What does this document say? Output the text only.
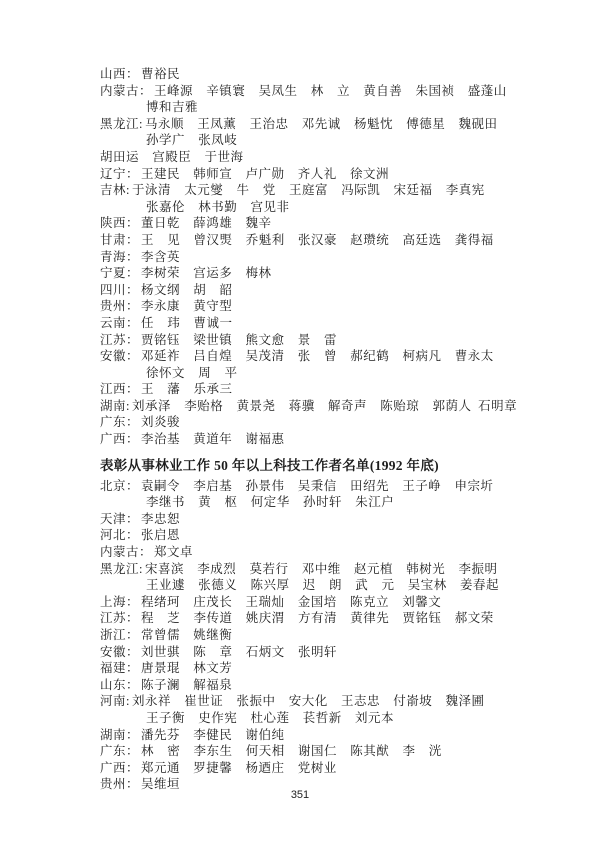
山西： 曹裕民
内蒙古： 王峰源  辛镇寰  吴凤生  林  立  黄自善  朱国祯  盛蓬山
博和吉雅
黑龙江: 马永顺  王凤薰  王治忠  邓先诚  杨魁忱  傅德星  魏砚田
孙学广  张凤岐
胡田运  宫殿臣  于世海
辽宁： 王建民  韩师宣  卢广勋  齐人礼  徐文洲
吉林: 于泳清  太元燮  牛  党  王庭富  冯际凯  宋廷福  李真宪
张嘉伦  林书勤  宫见非
陕西： 董日乾  薛鸿雄  魏辛
甘肃： 王  见  曾汉煚  乔魁利  张汉豪  赵瓒统  高廷选  龚得福
青海： 李含英
宁夏： 李树荣  宫运多  梅林
四川： 杨文纲  胡  韶
贵州： 李永康  黄守型
云南： 任  玮  曹诚一
江苏： 贾铭钰  梁世镇  熊文愈  景  雷
安徽： 邓延祚  吕自煌  吴茂清  张  曾  郝纪鹤  柯病凡  曹永太
徐怀文  周  平
江西： 王  藩  乐承三
湖南: 刘承泽  李贻格  黄景尧  蒋骥  解奇声  陈贻琼  郭荫人 石明章
广东： 刘炎骏
广西： 李治基  黄道年  谢福惠
表彰从事林业工作 50 年以上科技工作者名单(1992 年底)
北京： 袁嗣令  李启基  孙景伟  吴秉信  田绍先  王子峥  申宗圻
李继书  黄  枢  何定华  孙时轩  朱江户
天津： 李忠恕
河北： 张启恩
内蒙古： 郑文卓
黑龙江: 宋喜滨  李成烈  莫若行  邓中维  赵元植  韩树光  李振明
王业遽  张德义  陈兴厚  迟  朗  武  元  吴宝林  姜春起
上海： 程绪珂  庄茂长  王瑞灿  金国培  陈克立  刘馨文
江苏： 程  芝  李传道  姚庆渭  方有清  黄律先  贾铭钰  郝文荣
浙江： 常曾儒  姚继衡
安徽： 刘世骐  陈  章  石炳文  张明轩
福建： 唐景琨  林文芳
山东： 陈子澜  解福泉
河南: 刘永祥  崔世证  张振中  安大化  王志忠  付嵛坡  魏泽圃
王子衡  史作宪  杜心莲  苌哲新  刘元本
湖南： 潘先芬  李健民  谢伯纯
广东： 林  密  李东生  何天相  谢国仁  陈其猷  李  洸
广西： 郑元通  罗捷馨  杨迺庄  党树业
贵州： 吴维垣
351
